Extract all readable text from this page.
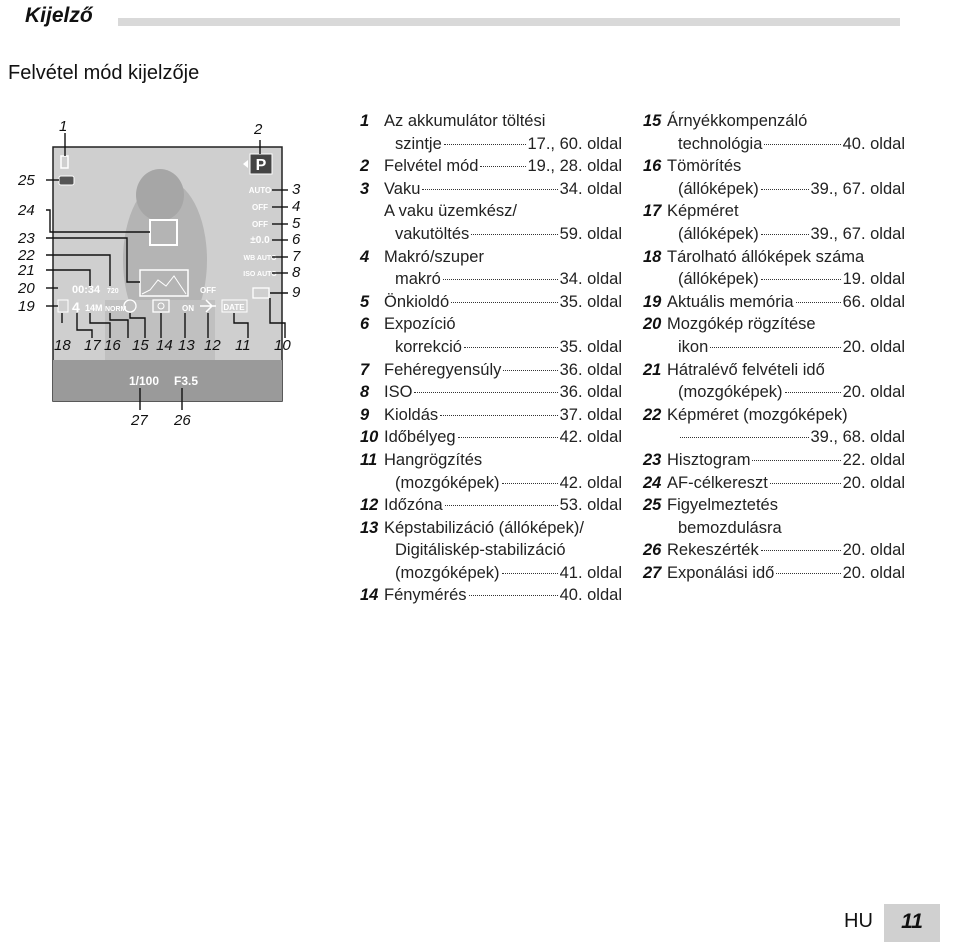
Kijelző
Felvétel mód kijelzője
P
AUTO
OFF
OFF
±0.0
WB AUTO
ISO AUTO
00:34 720	OFF
4 14M NORM	ON	DATE
1/100 F3.5
1	2
3
4
5
6
7
8
9
25
24
23
22
21
20
19
18 17 16 15 14 13 12 11 10
27 26
1 Az akkumulátor töltési
szintje	17., 60. oldal
2 Felvétel mód	19., 28. oldal
3 Vaku	34. oldal
A vaku üzemkész/
vakutöltés	59. oldal
4 Makró/szuper
makró	34. oldal
5 Önkioldó	35. oldal
6 Expozíció
korrekció	35. oldal
7 Fehéregyensúly	36. oldal
8 ISO	36. oldal
9 Kioldás	37. oldal
10 Időbélyeg	42. oldal
11 Hangrögzítés
(mozgóképek)	42. oldal
12 Időzóna	53. oldal
13 Képstabilizáció (állóképek)/
Digitáliskép-stabilizáció
(mozgóképek)	41. oldal
14 Fénymérés	40. oldal
15 Árnyékkompenzáló
technológia	40. oldal
16 Tömörítés
(állóképek)	39., 67. oldal
17 Képméret
(állóképek)	39., 67. oldal
18 Tárolható állóképek száma
(állóképek)	19. oldal
19 Aktuális memória	66. oldal
20 Mozgókép rögzítése
ikon	20. oldal
21 Hátralévő felvételi idő
(mozgóképek)	20. oldal
22 Képméret (mozgóképek)
39., 68. oldal
23 Hisztogram	22. oldal
24 AF-célkereszt	20. oldal
25 Figyelmeztetés
bemozdulásra
26 Rekeszérték	20. oldal
27 Exponálási idő	20. oldal
HU	11
